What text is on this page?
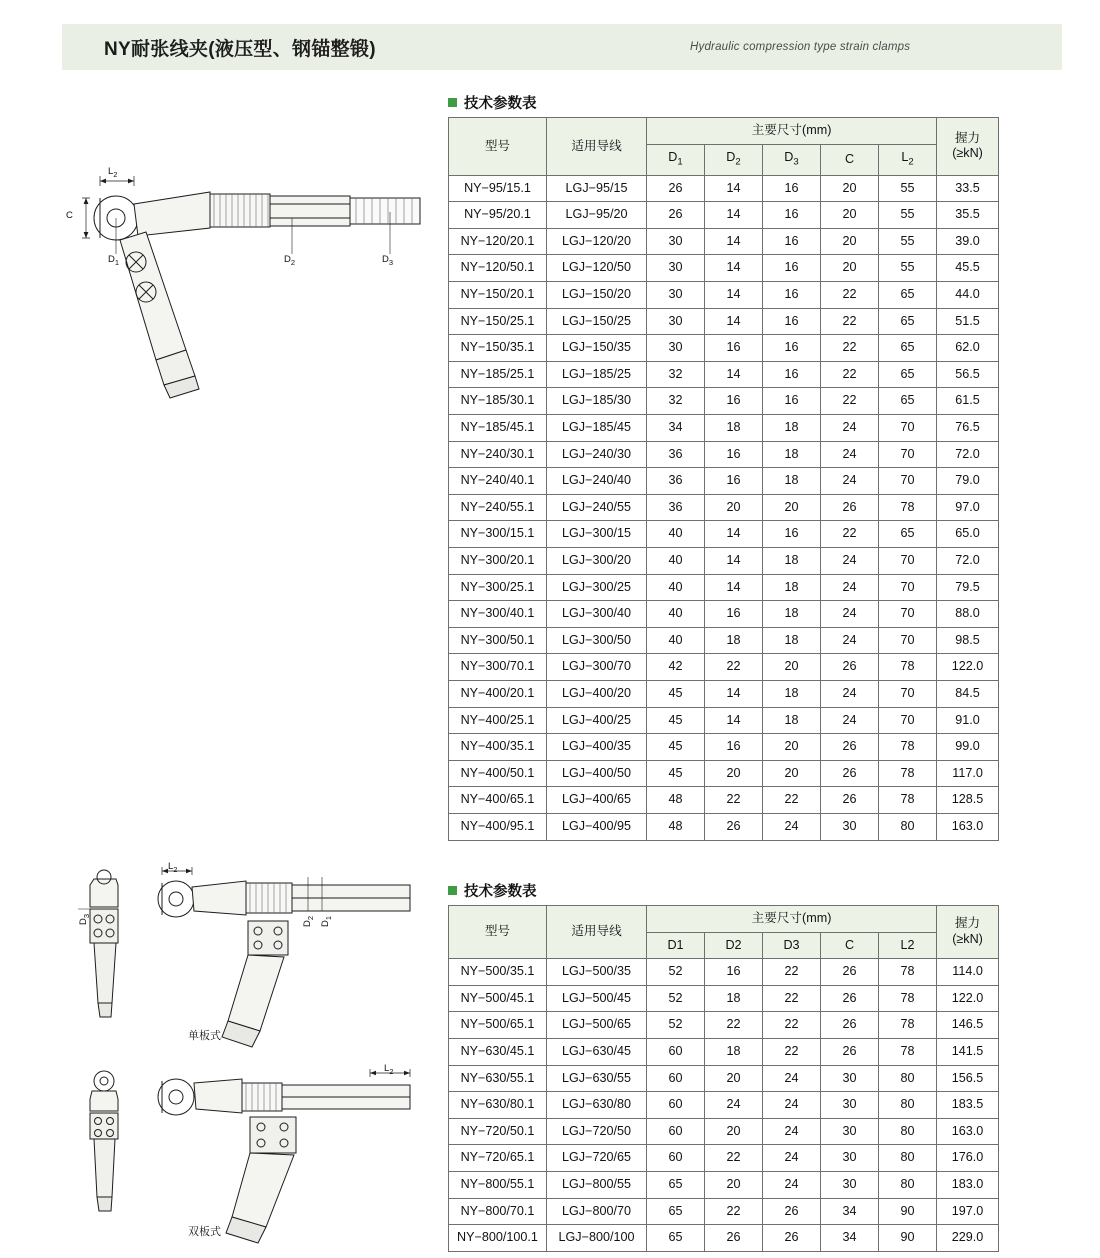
NY耐张线夹(液压型、钢锚整锻)	Hydraulic compression type strain clamps
$L_2$
C
$D_1$	$D_2$	$D_3$
$L_2$
$D_3$
$D_2$
$D_1$
单板式
$L_2$
双板式
技术参数表
型号	适用导线	主要尺寸(mm)					握力
(≥kN)

		$D_1$	$D_2$	$D_3$	C	$L_2$
NY−95/15.1	LGJ−95/15	26	14	16	20	55	33.5
NY−95/20.1	LGJ−95/20	26	14	16	20	55	35.5
NY−120/20.1	LGJ−120/20	30	14	16	20	55	39.0
NY−120/50.1	LGJ−120/50	30	14	16	20	55	45.5
NY−150/20.1	LGJ−150/20	30	14	16	22	65	44.0
NY−150/25.1	LGJ−150/25	30	14	16	22	65	51.5
NY−150/35.1	LGJ−150/35	30	16	16	22	65	62.0
NY−185/25.1	LGJ−185/25	32	14	16	22	65	56.5
NY−185/30.1	LGJ−185/30	32	16	16	22	65	61.5
NY−185/45.1	LGJ−185/45	34	18	18	24	70	76.5
NY−240/30.1	LGJ−240/30	36	16	18	24	70	72.0
NY−240/40.1	LGJ−240/40	36	16	18	24	70	79.0
NY−240/55.1	LGJ−240/55	36	20	20	26	78	97.0
NY−300/15.1	LGJ−300/15	40	14	16	22	65	65.0
NY−300/20.1	LGJ−300/20	40	14	18	24	70	72.0
NY−300/25.1	LGJ−300/25	40	14	18	24	70	79.5
NY−300/40.1	LGJ−300/40	40	16	18	24	70	88.0
NY−300/50.1	LGJ−300/50	40	18	18	24	70	98.5
NY−300/70.1	LGJ−300/70	42	22	20	26	78	122.0
NY−400/20.1	LGJ−400/20	45	14	18	24	70	84.5
NY−400/25.1	LGJ−400/25	45	14	18	24	70	91.0
NY−400/35.1	LGJ−400/35	45	16	20	26	78	99.0
NY−400/50.1	LGJ−400/50	45	20	20	26	78	117.0
NY−400/65.1	LGJ−400/65	48	22	22	26	78	128.5
NY−400/95.1	LGJ−400/95	48	26	24	30	80	163.0
技术参数表
型号	适用导线	主要尺寸(mm)					握力
(≥kN)

		D1	D2	D3	C	L2	
NY−500/35.1	LGJ−500/35	52	16	22	26	78	114.0
NY−500/45.1	LGJ−500/45	52	18	22	26	78	122.0
NY−500/65.1	LGJ−500/65	52	22	22	26	78	146.5
NY−630/45.1	LGJ−630/45	60	18	22	26	78	141.5
NY−630/55.1	LGJ−630/55	60	20	24	30	80	156.5
NY−630/80.1	LGJ−630/80	60	24	24	30	80	183.5
NY−720/50.1	LGJ−720/50	60	20	24	30	80	163.0
NY−720/65.1	LGJ−720/65	60	22	24	30	80	176.0
NY−800/55.1	LGJ−800/55	65	20	24	30	80	183.0
NY−800/70.1	LGJ−800/70	65	22	26	34	90	197.0
NY−800/100.1	LGJ−800/100	65	26	26	34	90	229.0
